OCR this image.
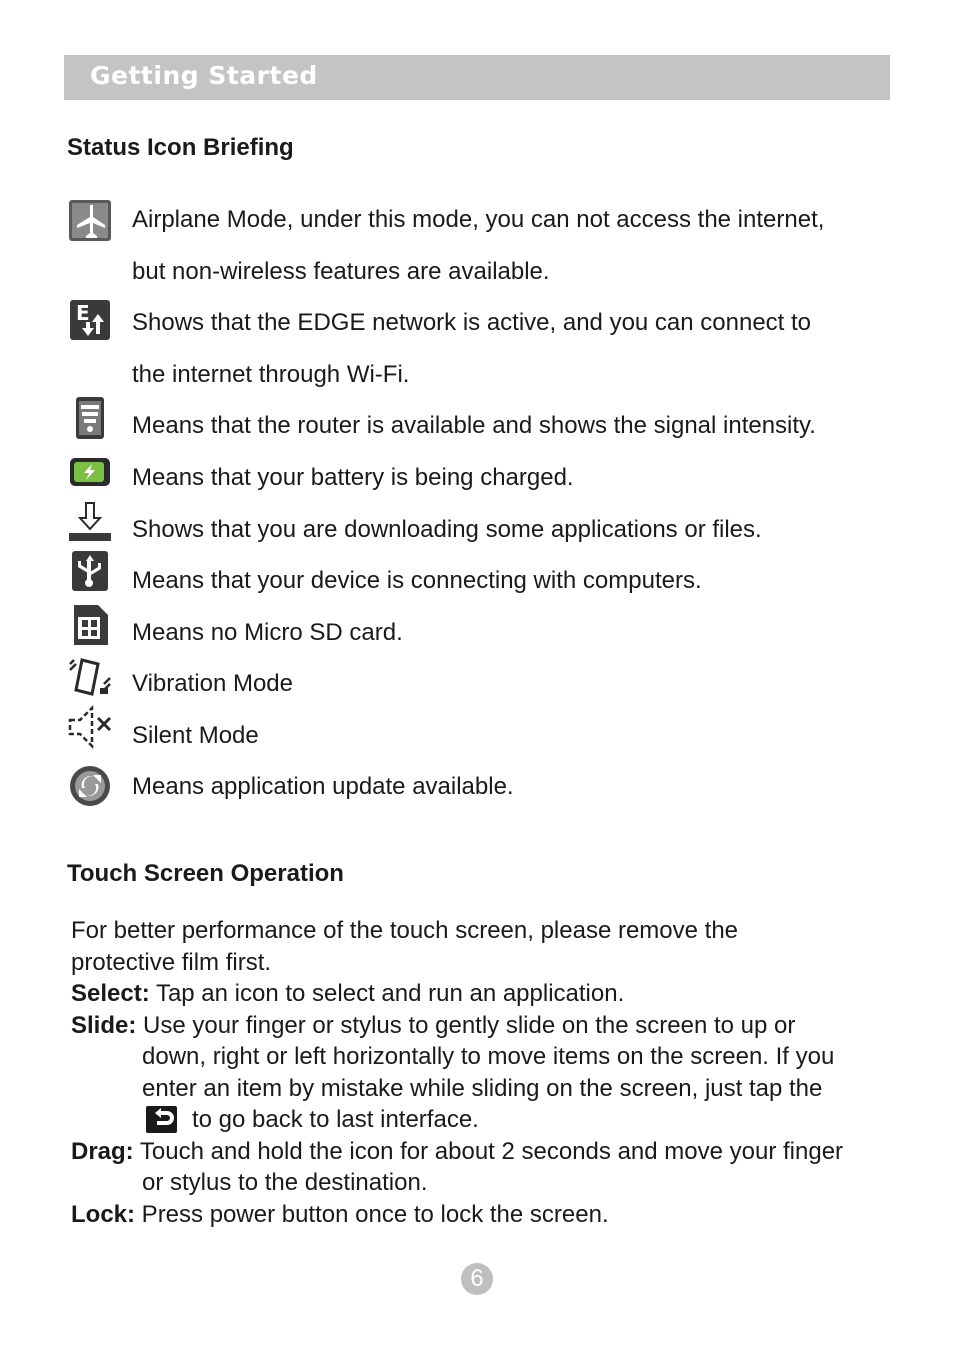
Getting Started
Status Icon Briefing
Airplane Mode, under this mode, you can not access the internet,
but non-wireless features are available.
E Shows that the EDGE network is active, and you can connect to
the internet through Wi-Fi.
Means that the router is available and shows the signal intensity.
Means that your battery is being charged.
Shows that you are downloading some applications or files.
Means that your device is connecting with computers.
Means no Micro SD card.
Vibration Mode
Silent Mode
Means application update available.
Touch Screen Operation
For better performance of the touch screen, please remove the
protective film first.
Select: Tap an icon to select and run an application.
Slide: Use your finger or stylus to gently slide on the screen to up or
down, right or left horizontally to move items on the screen. If you
enter an item by mistake while sliding on the screen, just tap the
to go back to last interface.
Drag: Touch and hold the icon for about 2 seconds and move your finger
or stylus to the destination.
Lock: Press power button once to lock the screen.
6
